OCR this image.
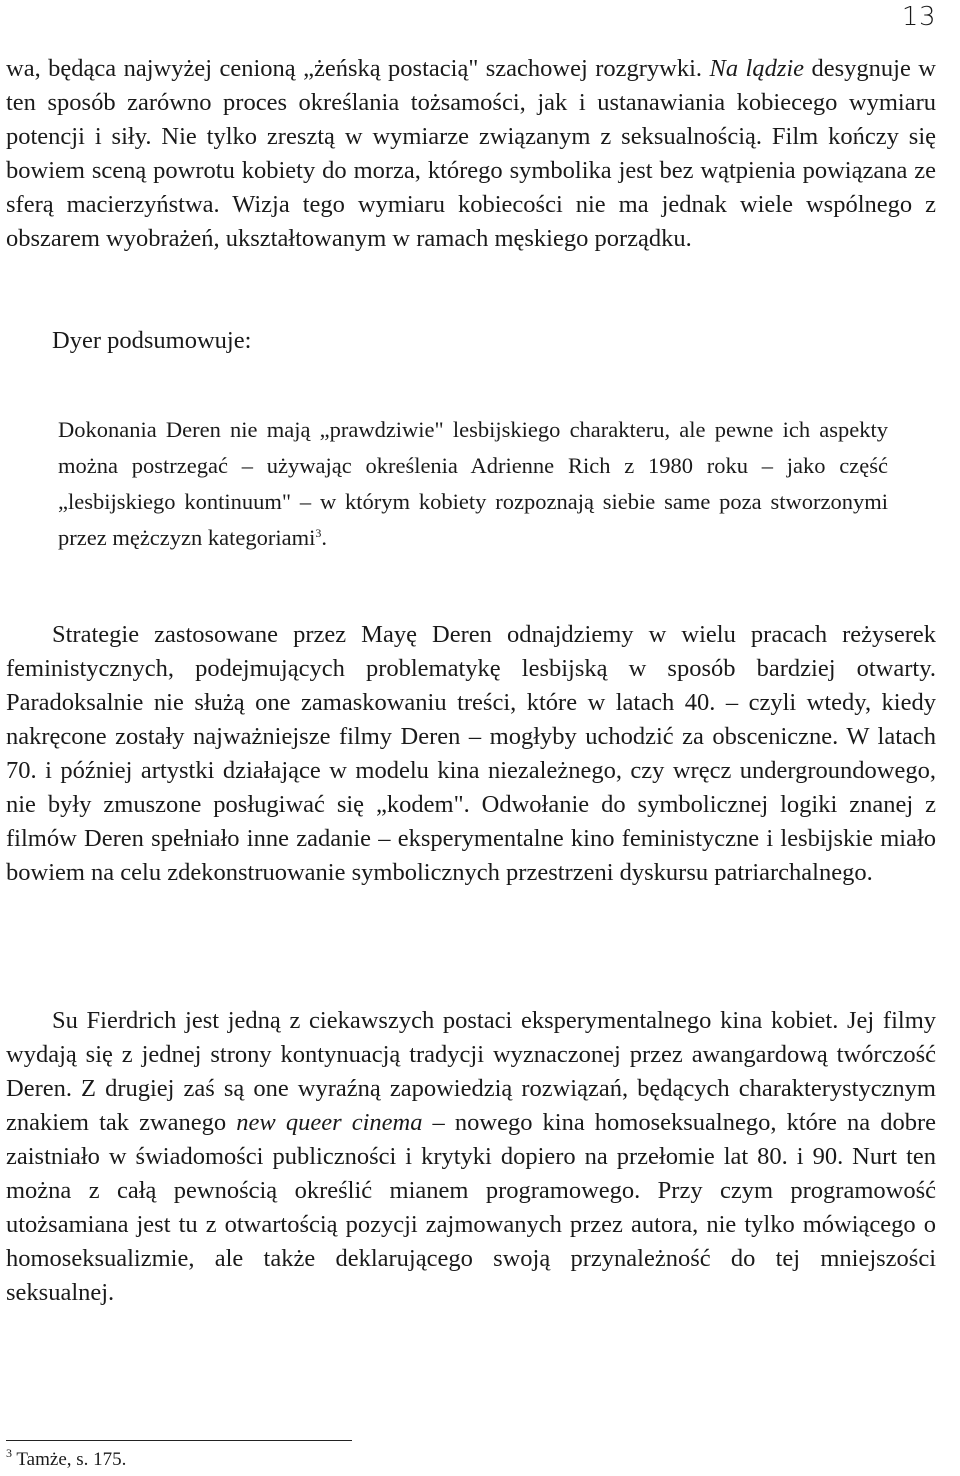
13

wa, będąca najwyżej cenioną „żeńską postacią" szachowej rozgrywki. Na lądzie desygnuje w ten sposób zarówno proces określania tożsamości, jak i ustanawiania kobiecego wymiaru potencji i siły. Nie tylko zresztą w wymiarze związanym z seksualnością. Film kończy się bowiem sceną powrotu kobiety do morza, którego symbolika jest bez wątpienia powiązana ze sferą macierzyństwa. Wizja tego wymiaru kobiecości nie ma jednak wiele wspólnego z obszarem wyobrażeń, ukształtowanym w ramach męskiego porządku.

Dyer podsumowuje:

Dokonania Deren nie mają „prawdziwie" lesbijskiego charakteru, ale pewne ich aspekty można postrzegać – używając określenia Adrienne Rich z 1980 roku – jako część „lesbijskiego kontinuum" – w którym kobiety rozpoznają siebie same poza stworzonymi przez mężczyzn kategoriami$^3$.

Strategie zastosowane przez Mayę Deren odnajdziemy w wielu pracach reżyserek feministycznych, podejmujących problematykę lesbijską w sposób bardziej otwarty. Paradoksalnie nie służą one zamaskowaniu treści, które w latach 40. – czyli wtedy, kiedy nakręcone zostały najważniejsze filmy Deren – mogłyby uchodzić za obsceniczne. W latach 70. i później artystki działające w modelu kina niezależnego, czy wręcz undergroundowego, nie były zmuszone posługiwać się „kodem". Odwołanie do symbolicznej logiki znanej z filmów Deren spełniało inne zadanie – eksperymentalne kino feministyczne i lesbijskie miało bowiem na celu zdekonstruowanie symbolicznych przestrzeni dyskursu patriarchalnego.

Su Fierdrich jest jedną z ciekawszych postaci eksperymentalnego kina kobiet. Jej filmy wydają się z jednej strony kontynuacją tradycji wyznaczonej przez awangardową twórczość Deren. Z drugiej zaś są one wyraźną zapowiedzią rozwiązań, będących charakterystycznym znakiem tak zwanego new queer cinema – nowego kina homoseksualnego, które na dobre zaistniało w świadomości publiczności i krytyki dopiero na przełomie lat 80. i 90. Nurt ten można z całą pewnością określić mianem programowego. Przy czym programowość utożsamiana jest tu z otwartością pozycji zajmowanych przez autora, nie tylko mówiącego o homoseksualizmie, ale także deklarującego swoją przynależność do tej mniejszości seksualnej.

$^3$ Tamże, s. 175.
